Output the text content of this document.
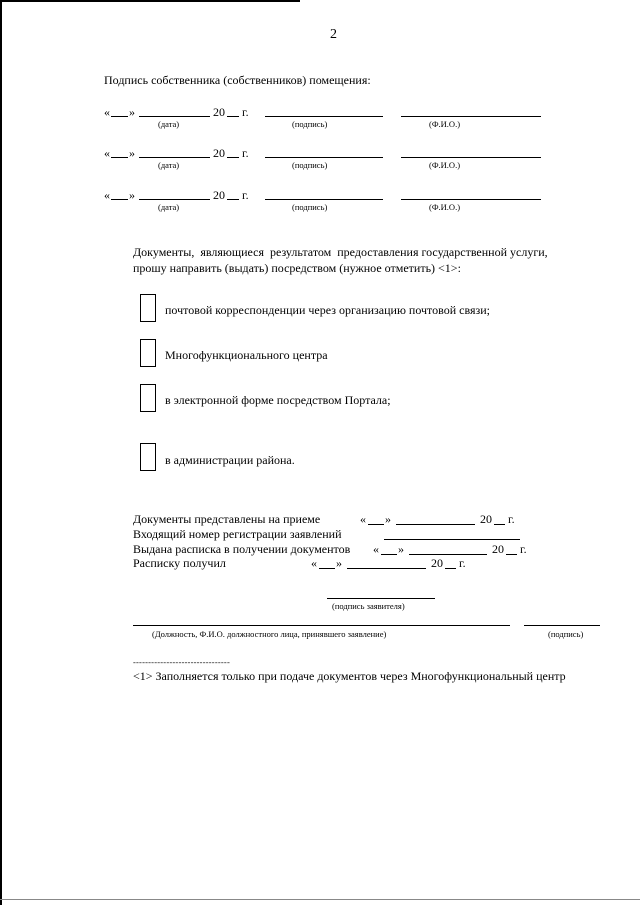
2
Подпись собственника (собственников) помещения:
« »	20 г.
(дата)	(подпись)	(Ф.И.О.)
« »	20 г.
(дата)	(подпись)	(Ф.И.О.)
« »	20 г.
(дата)	(подпись)	(Ф.И.О.)
Документы,  являющиеся  результатом  предоставления государственной услуги,
прошу направить (выдать) посредством (нужное отметить) <1>:
почтовой корреспонденции через организацию почтовой связи;
Многофункционального центра
в электронной форме посредством Портала;
в администрации района.
Документы представлены на приеме	« »	20 г.
Входящий номер регистрации заявлений
Выдана расписка в получении документов « »	20 г.
Расписку получил	« »	20 г.
(подпись заявителя)
(Должность, Ф.И.О. должностного лица, принявшего заявление)	(подпись)
--------------------------------
<1> Заполняется только при подаче документов через Многофункциональный центр
